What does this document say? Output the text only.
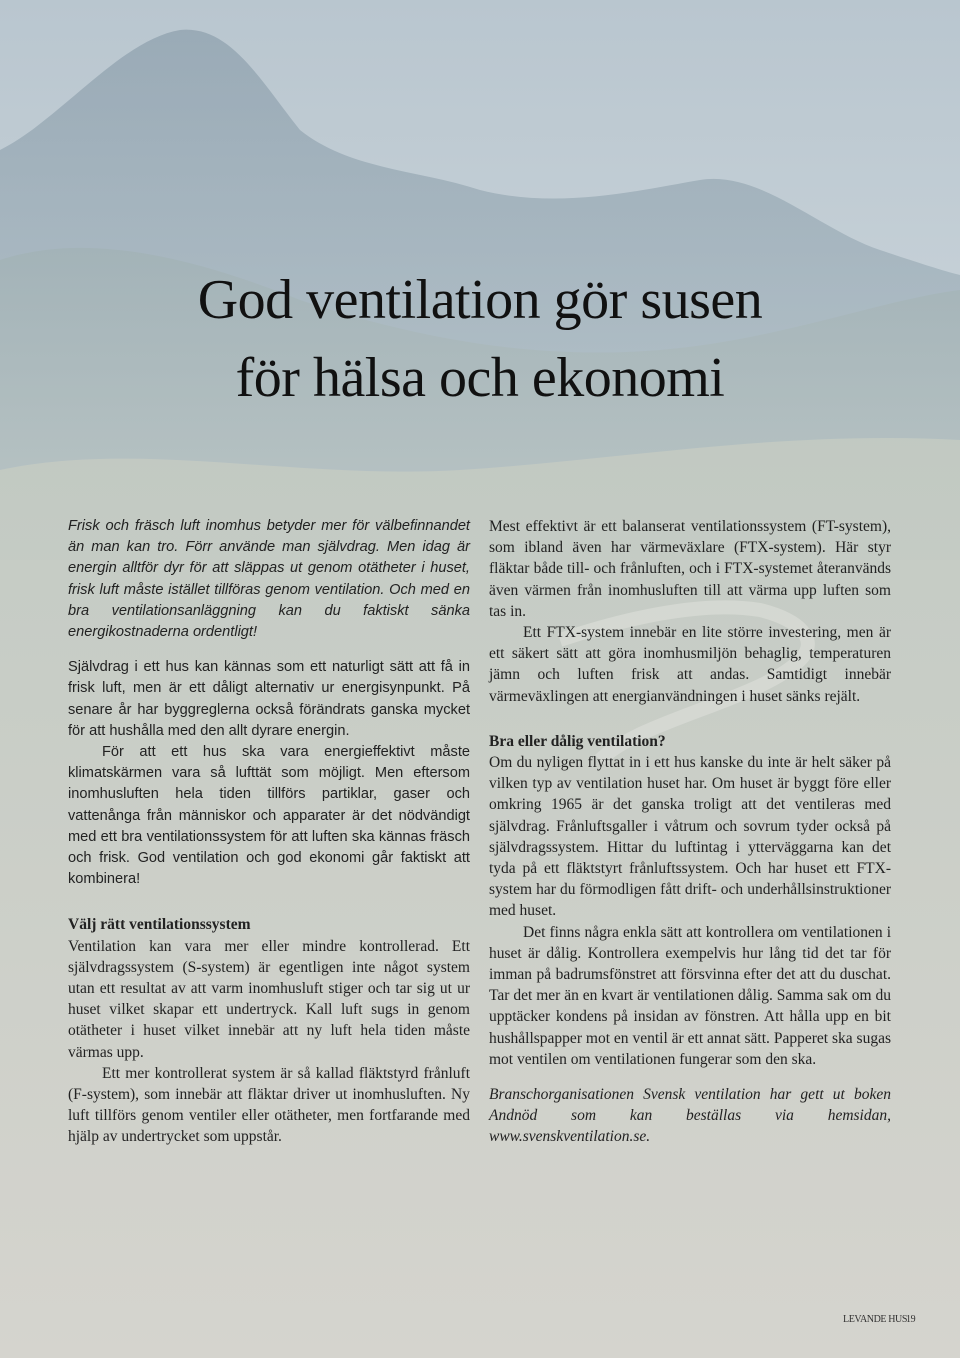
God ventilation gör susen
för hälsa och ekonomi

Frisk och fräsch luft inomhus betyder mer för välbefinnandet än man kan tro. Förr använde man självdrag. Men idag är energin alltför dyr för att släppas ut genom otätheter i huset, frisk luft måste istället tillföras genom ventilation. Och med en bra ventilationsanläggning kan du faktiskt sänka energikostnaderna ordentligt!

Självdrag i ett hus kan kännas som ett naturligt sätt att få in frisk luft, men är ett dåligt alternativ ur energisynpunkt. På senare år har byggreglerna också förändrats ganska mycket för att hushålla med den allt dyrare energin.

För att ett hus ska vara energieffektivt måste klimatskärmen vara så lufttät som möjligt. Men eftersom inomhusluften hela tiden tillförs partiklar, gaser och vattenånga från människor och apparater är det nödvändigt med ett bra ventilationssystem för att luften ska kännas fräsch och frisk. God ventilation och god ekonomi går faktiskt att kombinera!

Välj rätt ventilationssystem

Ventilation kan vara mer eller mindre kontrollerad. Ett självdragssystem (S-system) är egentligen inte något system utan ett resultat av att varm inomhusluft stiger och tar sig ut ur huset vilket skapar ett undertryck. Kall luft sugs in genom otätheter i huset vilket innebär att ny luft hela tiden måste värmas upp.

Ett mer kontrollerat system är så kallad fläktstyrd frånluft (F-system), som innebär att fläktar driver ut inomhusluften. Ny luft tillförs genom ventiler eller otätheter, men fortfarande med hjälp av undertrycket som uppstår.

Mest effektivt är ett balanserat ventilationssystem (FT-system), som ibland även har värmeväxlare (FTX-system). Här styr fläktar både till- och frånluften, och i FTX-systemet återanvänds även värmen från inomhusluften till att värma upp luften som tas in.

Ett FTX-system innebär en lite större investering, men är ett säkert sätt att göra inomhusmiljön behaglig, temperaturen jämn och luften frisk att andas. Samtidigt innebär värmeväxlingen att energianvändningen i huset sänks rejält.

Bra eller dålig ventilation?

Om du nyligen flyttat in i ett hus kanske du inte är helt säker på vilken typ av ventilation huset har. Om huset är byggt före eller omkring 1965 är det ganska troligt att det ventileras med självdrag. Frånluftsgaller i våtrum och sovrum tyder också på självdragssystem. Hittar du luftintag i ytterväggarna kan det tyda på ett fläktstyrt frånluftssystem. Och har huset ett FTX-system har du förmodligen fått drift- och underhållsinstruktioner med huset.

Det finns några enkla sätt att kontrollera om ventilationen i huset är dålig. Kontrollera exempelvis hur lång tid det tar för imman på badrumsfönstret att försvinna efter det att du duschat. Tar det mer än en kvart är ventilationen dålig. Samma sak om du upptäcker kondens på insidan av fönstren. Att hålla upp en bit hushållspapper mot en ventil är ett annat sätt. Papperet ska sugas mot ventilen om ventilationen fungerar som den ska.

Branschorganisationen Svensk ventilation har gett ut boken Andnöd som kan beställas via hemsidan, www.svenskventilation.se.

LEVANDE HUS
19
